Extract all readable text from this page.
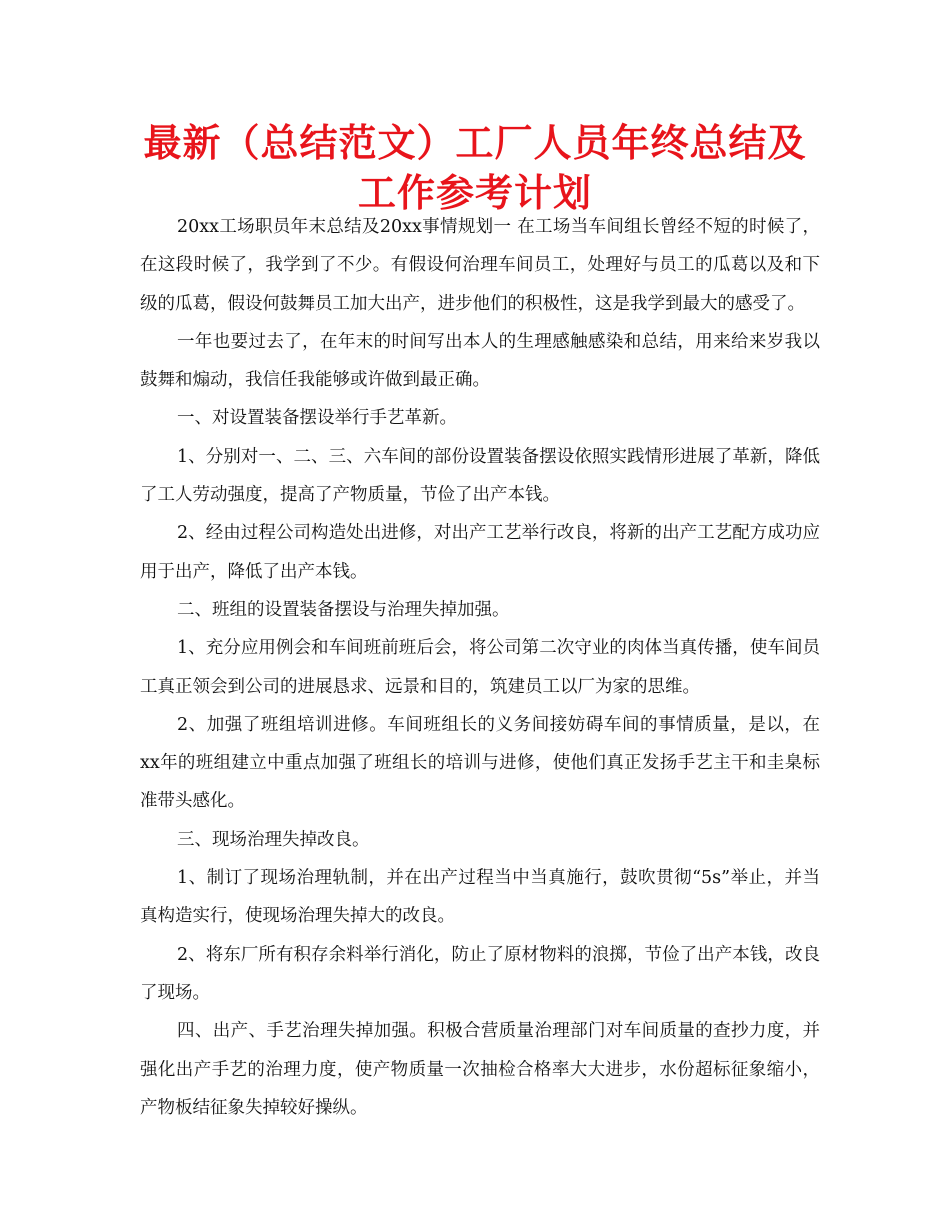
最新（总结范文）工厂人员年终总结及工作参考计划

20xx工场职员年末总结及20xx事情规划一 在工场当车间组长曾经不短的时候了，在这段时候了，我学到了不少。有假设何治理车间员工，处理好与员工的瓜葛以及和下级的瓜葛，假设何鼓舞员工加大出产，进步他们的积极性，这是我学到最大的感受了。

一年也要过去了，在年末的时间写出本人的生理感触感染和总结，用来给来岁我以鼓舞和煽动，我信任我能够或许做到最正确。

一、对设置装备摆设举行手艺革新。

1、分别对一、二、三、六车间的部份设置装备摆设依照实践情形进展了革新，降低了工人劳动强度，提高了产物质量，节俭了出产本钱。

2、经由过程公司构造处出进修，对出产工艺举行改良，将新的出产工艺配方成功应用于出产，降低了出产本钱。

二、班组的设置装备摆设与治理失掉加强。

1、充分应用例会和车间班前班后会，将公司第二次守业的肉体当真传播，使车间员工真正领会到公司的进展恳求、远景和目的，筑建员工以厂为家的思维。

2、加强了班组培训进修。车间班组长的义务间接妨碍车间的事情质量，是以，在xx年的班组建立中重点加强了班组长的培训与进修，使他们真正发扬手艺主干和圭臬标准带头感化。

三、现场治理失掉改良。

1、制订了现场治理轨制，并在出产过程当中当真施行，鼓吹贯彻“5s”举止，并当真构造实行，使现场治理失掉大的改良。

2、将东厂所有积存余料举行消化，防止了原材物料的浪掷，节俭了出产本钱，改良了现场。

四、出产、手艺治理失掉加强。积极合营质量治理部门对车间质量的查抄力度，并强化出产手艺的治理力度，使产物质量一次抽检合格率大大进步，水份超标征象缩小，产物板结征象失掉较好操纵。
